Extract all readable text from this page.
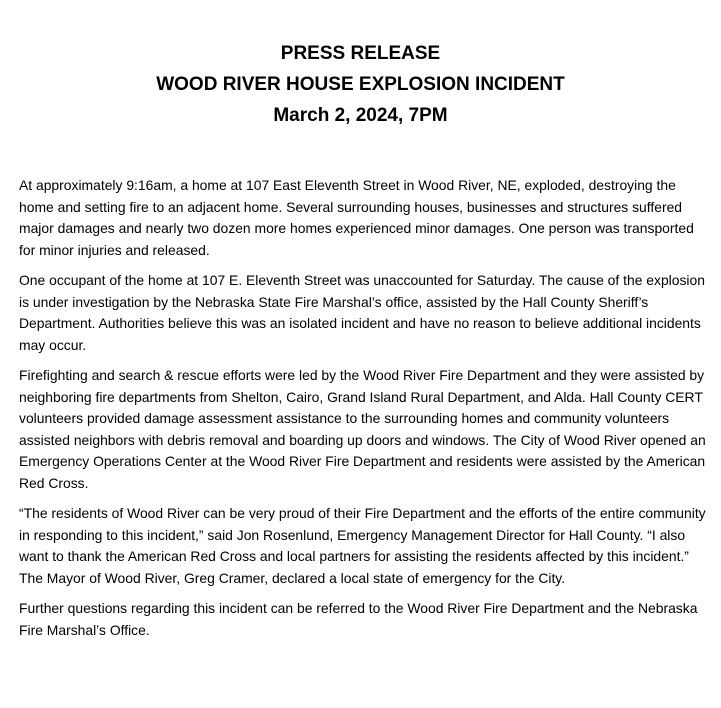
PRESS RELEASE
WOOD RIVER HOUSE EXPLOSION INCIDENT
March 2, 2024, 7PM

At approximately 9:16am, a home at 107 East Eleventh Street in Wood River, NE, exploded, destroying the home and setting fire to an adjacent home. Several surrounding houses, businesses and structures suffered major damages and nearly two dozen more homes experienced minor damages. One person was transported for minor injuries and released.

One occupant of the home at 107 E. Eleventh Street was unaccounted for Saturday. The cause of the explosion is under investigation by the Nebraska State Fire Marshal’s office, assisted by the Hall County Sheriff’s Department. Authorities believe this was an isolated incident and have no reason to believe additional incidents may occur.

Firefighting and search & rescue efforts were led by the Wood River Fire Department and they were assisted by neighboring fire departments from Shelton, Cairo, Grand Island Rural Department, and Alda. Hall County CERT volunteers provided damage assessment assistance to the surrounding homes and community volunteers assisted neighbors with debris removal and boarding up doors and windows. The City of Wood River opened an Emergency Operations Center at the Wood River Fire Department and residents were assisted by the American Red Cross.

“The residents of Wood River can be very proud of their Fire Department and the efforts of the entire community in responding to this incident,” said Jon Rosenlund, Emergency Management Director for Hall County. “I also want to thank the American Red Cross and local partners for assisting the residents affected by this incident.” The Mayor of Wood River, Greg Cramer, declared a local state of emergency for the City.

Further questions regarding this incident can be referred to the Wood River Fire Department and the Nebraska Fire Marshal’s Office.
